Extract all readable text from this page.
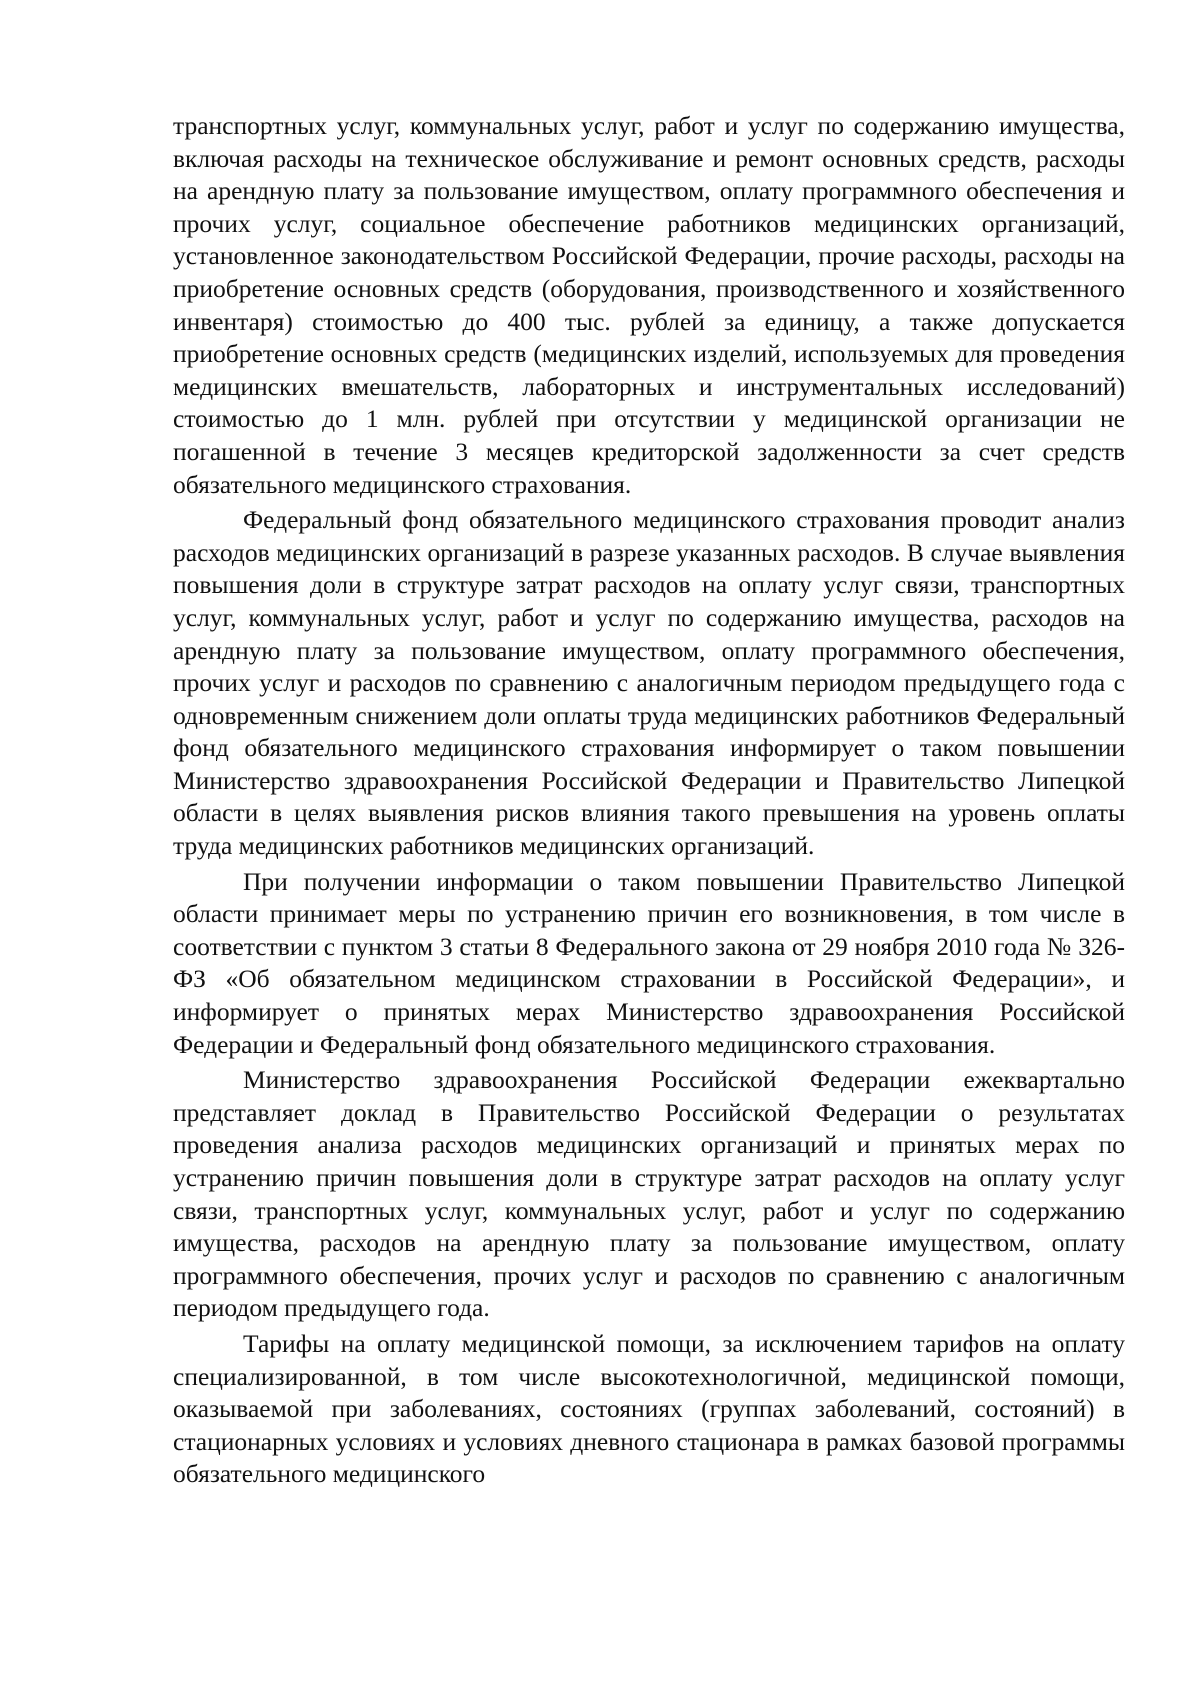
транспортных услуг, коммунальных услуг, работ и услуг по содержанию имущества, включая расходы на техническое обслуживание и ремонт основных средств, расходы на арендную плату за пользование имуществом, оплату программного обеспечения и прочих услуг, социальное обеспечение работников медицинских организаций, установленное законодательством Российской Федерации, прочие расходы, расходы на приобретение основных средств (оборудования, производственного и хозяйственного инвентаря) стоимостью до 400 тыс. рублей за единицу, а также допускается приобретение основных средств (медицинских изделий, используемых для проведения медицинских вмешательств, лабораторных и инструментальных исследований) стоимостью до 1 млн. рублей при отсутствии у медицинской организации не погашенной в течение 3 месяцев кредиторской задолженности за счет средств обязательного медицинского страхования.

Федеральный фонд обязательного медицинского страхования проводит анализ расходов медицинских организаций в разрезе указанных расходов. В случае выявления повышения доли в структуре затрат расходов на оплату услуг связи, транспортных услуг, коммунальных услуг, работ и услуг по содержанию имущества, расходов на арендную плату за пользование имуществом, оплату программного обеспечения, прочих услуг и расходов по сравнению с аналогичным периодом предыдущего года с одновременным снижением доли оплаты труда медицинских работников Федеральный фонд обязательного медицинского страхования информирует о таком повышении Министерство здравоохранения Российской Федерации и Правительство Липецкой области в целях выявления рисков влияния такого превышения на уровень оплаты труда медицинских работников медицинских организаций.

При получении информации о таком повышении Правительство Липецкой области принимает меры по устранению причин его возникновения, в том числе в соответствии с пунктом 3 статьи 8 Федерального закона от 29 ноября 2010 года № 326-ФЗ «Об обязательном медицинском страховании в Российской Федерации», и информирует о принятых мерах Министерство здравоохранения Российской Федерации и Федеральный фонд обязательного медицинского страхования.

Министерство здравоохранения Российской Федерации ежеквартально представляет доклад в Правительство Российской Федерации о результатах проведения анализа расходов медицинских организаций и принятых мерах по устранению причин повышения доли в структуре затрат расходов на оплату услуг связи, транспортных услуг, коммунальных услуг, работ и услуг по содержанию имущества, расходов на арендную плату за пользование имуществом, оплату программного обеспечения, прочих услуг и расходов по сравнению с аналогичным периодом предыдущего года.

Тарифы на оплату медицинской помощи, за исключением тарифов на оплату специализированной, в том числе высокотехнологичной, медицинской помощи, оказываемой при заболеваниях, состояниях (группах заболеваний, состояний) в стационарных условиях и условиях дневного стационара в рамках базовой программы обязательного медицинского
